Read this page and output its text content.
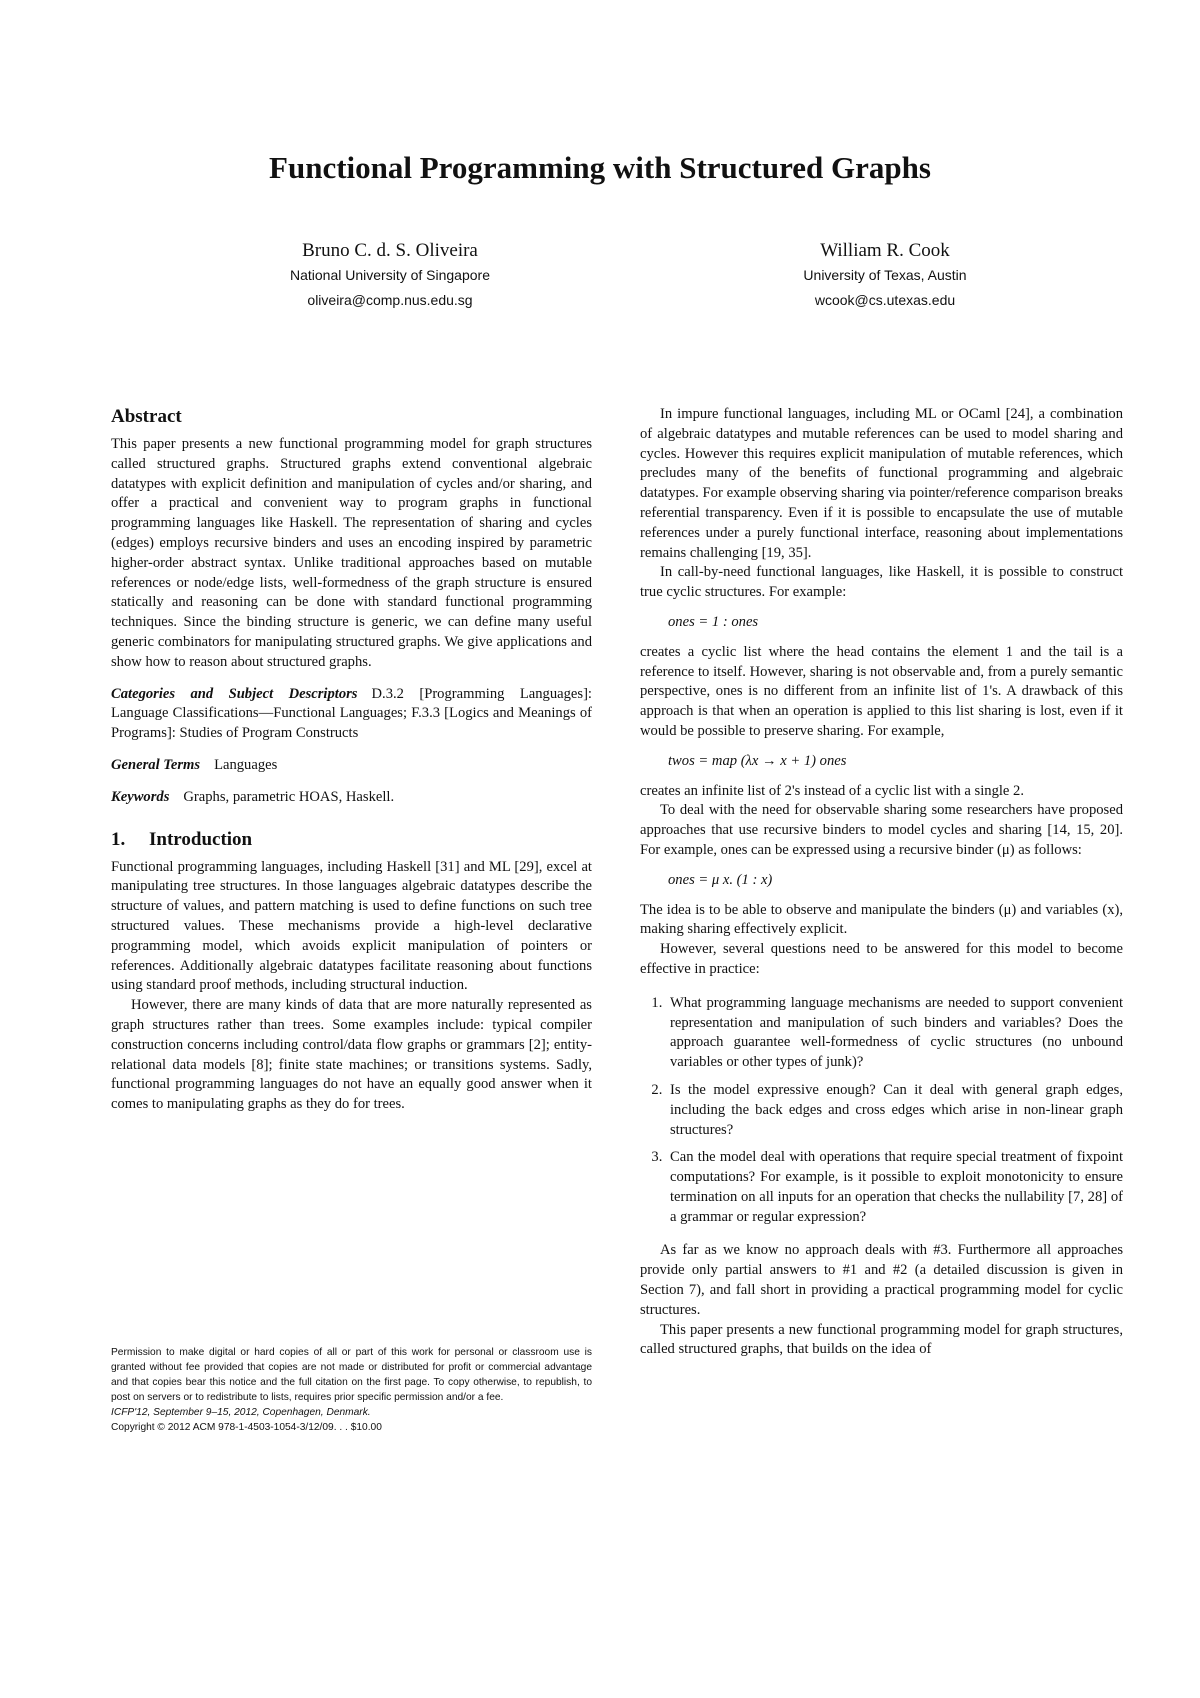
Functional Programming with Structured Graphs
Bruno C. d. S. Oliveira
National University of Singapore
oliveira@comp.nus.edu.sg
William R. Cook
University of Texas, Austin
wcook@cs.utexas.edu
Abstract

This paper presents a new functional programming model for graph structures called structured graphs. Structured graphs extend conventional algebraic datatypes with explicit definition and manipulation of cycles and/or sharing, and offer a practical and convenient way to program graphs in functional programming languages like Haskell. The representation of sharing and cycles (edges) employs recursive binders and uses an encoding inspired by parametric higher-order abstract syntax. Unlike traditional approaches based on mutable references or node/edge lists, well-formedness of the graph structure is ensured statically and reasoning can be done with standard functional programming techniques. Since the binding structure is generic, we can define many useful generic combinators for manipulating structured graphs. We give applications and show how to reason about structured graphs.

Categories and Subject Descriptors D.3.2 [Programming Languages]: Language Classifications—Functional Languages; F.3.3 [Logics and Meanings of Programs]: Studies of Program Constructs

General Terms Languages

Keywords Graphs, parametric HOAS, Haskell.

1. Introduction

Functional programming languages, including Haskell [31] and ML [29], excel at manipulating tree structures. In those languages algebraic datatypes describe the structure of values, and pattern matching is used to define functions on such tree structured values. These mechanisms provide a high-level declarative programming model, which avoids explicit manipulation of pointers or references. Additionally algebraic datatypes facilitate reasoning about functions using standard proof methods, including structural induction.

However, there are many kinds of data that are more naturally represented as graph structures rather than trees. Some examples include: typical compiler construction concerns including control/data flow graphs or grammars [2]; entity-relational data models [8]; finite state machines; or transitions systems. Sadly, functional programming languages do not have an equally good answer when it comes to manipulating graphs as they do for trees.

Permission to make digital or hard copies of all or part of this work for personal or classroom use is granted without fee provided that copies are not made or distributed for profit or commercial advantage and that copies bear this notice and the full citation on the first page. To copy otherwise, to republish, to post on servers or to redistribute to lists, requires prior specific permission and/or a fee.

ICFP'12, September 9–15, 2012, Copenhagen, Denmark.

Copyright © 2012 ACM 978-1-4503-1054-3/12/09. . . $10.00

In impure functional languages, including ML or OCaml [24], a combination of algebraic datatypes and mutable references can be used to model sharing and cycles. However this requires explicit manipulation of mutable references, which precludes many of the benefits of functional programming and algebraic datatypes. For example observing sharing via pointer/reference comparison breaks referential transparency. Even if it is possible to encapsulate the use of mutable references under a purely functional interface, reasoning about implementations remains challenging [19, 35].

In call-by-need functional languages, like Haskell, it is possible to construct true cyclic structures. For example:

ones = 1 : ones

creates a cyclic list where the head contains the element 1 and the tail is a reference to itself. However, sharing is not observable and, from a purely semantic perspective, ones is no different from an infinite list of 1's. A drawback of this approach is that when an operation is applied to this list sharing is lost, even if it would be possible to preserve sharing. For example,

twos = map (λx → x + 1) ones

creates an infinite list of 2's instead of a cyclic list with a single 2.

To deal with the need for observable sharing some researchers have proposed approaches that use recursive binders to model cycles and sharing [14, 15, 20]. For example, ones can be expressed using a recursive binder (μ) as follows:

ones = μ x. (1 : x)

The idea is to be able to observe and manipulate the binders (μ) and variables (x), making sharing effectively explicit.

However, several questions need to be answered for this model to become effective in practice:

1. What programming language mechanisms are needed to support convenient representation and manipulation of such binders and variables? Does the approach guarantee well-formedness of cyclic structures (no unbound variables or other types of junk)?
2. Is the model expressive enough? Can it deal with general graph edges, including the back edges and cross edges which arise in non-linear graph structures?
3. Can the model deal with operations that require special treatment of fixpoint computations? For example, is it possible to exploit monotonicity to ensure termination on all inputs for an operation that checks the nullability [7, 28] of a grammar or regular expression?

As far as we know no approach deals with #3. Furthermore all approaches provide only partial answers to #1 and #2 (a detailed discussion is given in Section 7), and fall short in providing a practical programming model for cyclic structures.

This paper presents a new functional programming model for graph structures, called structured graphs, that builds on the idea of
